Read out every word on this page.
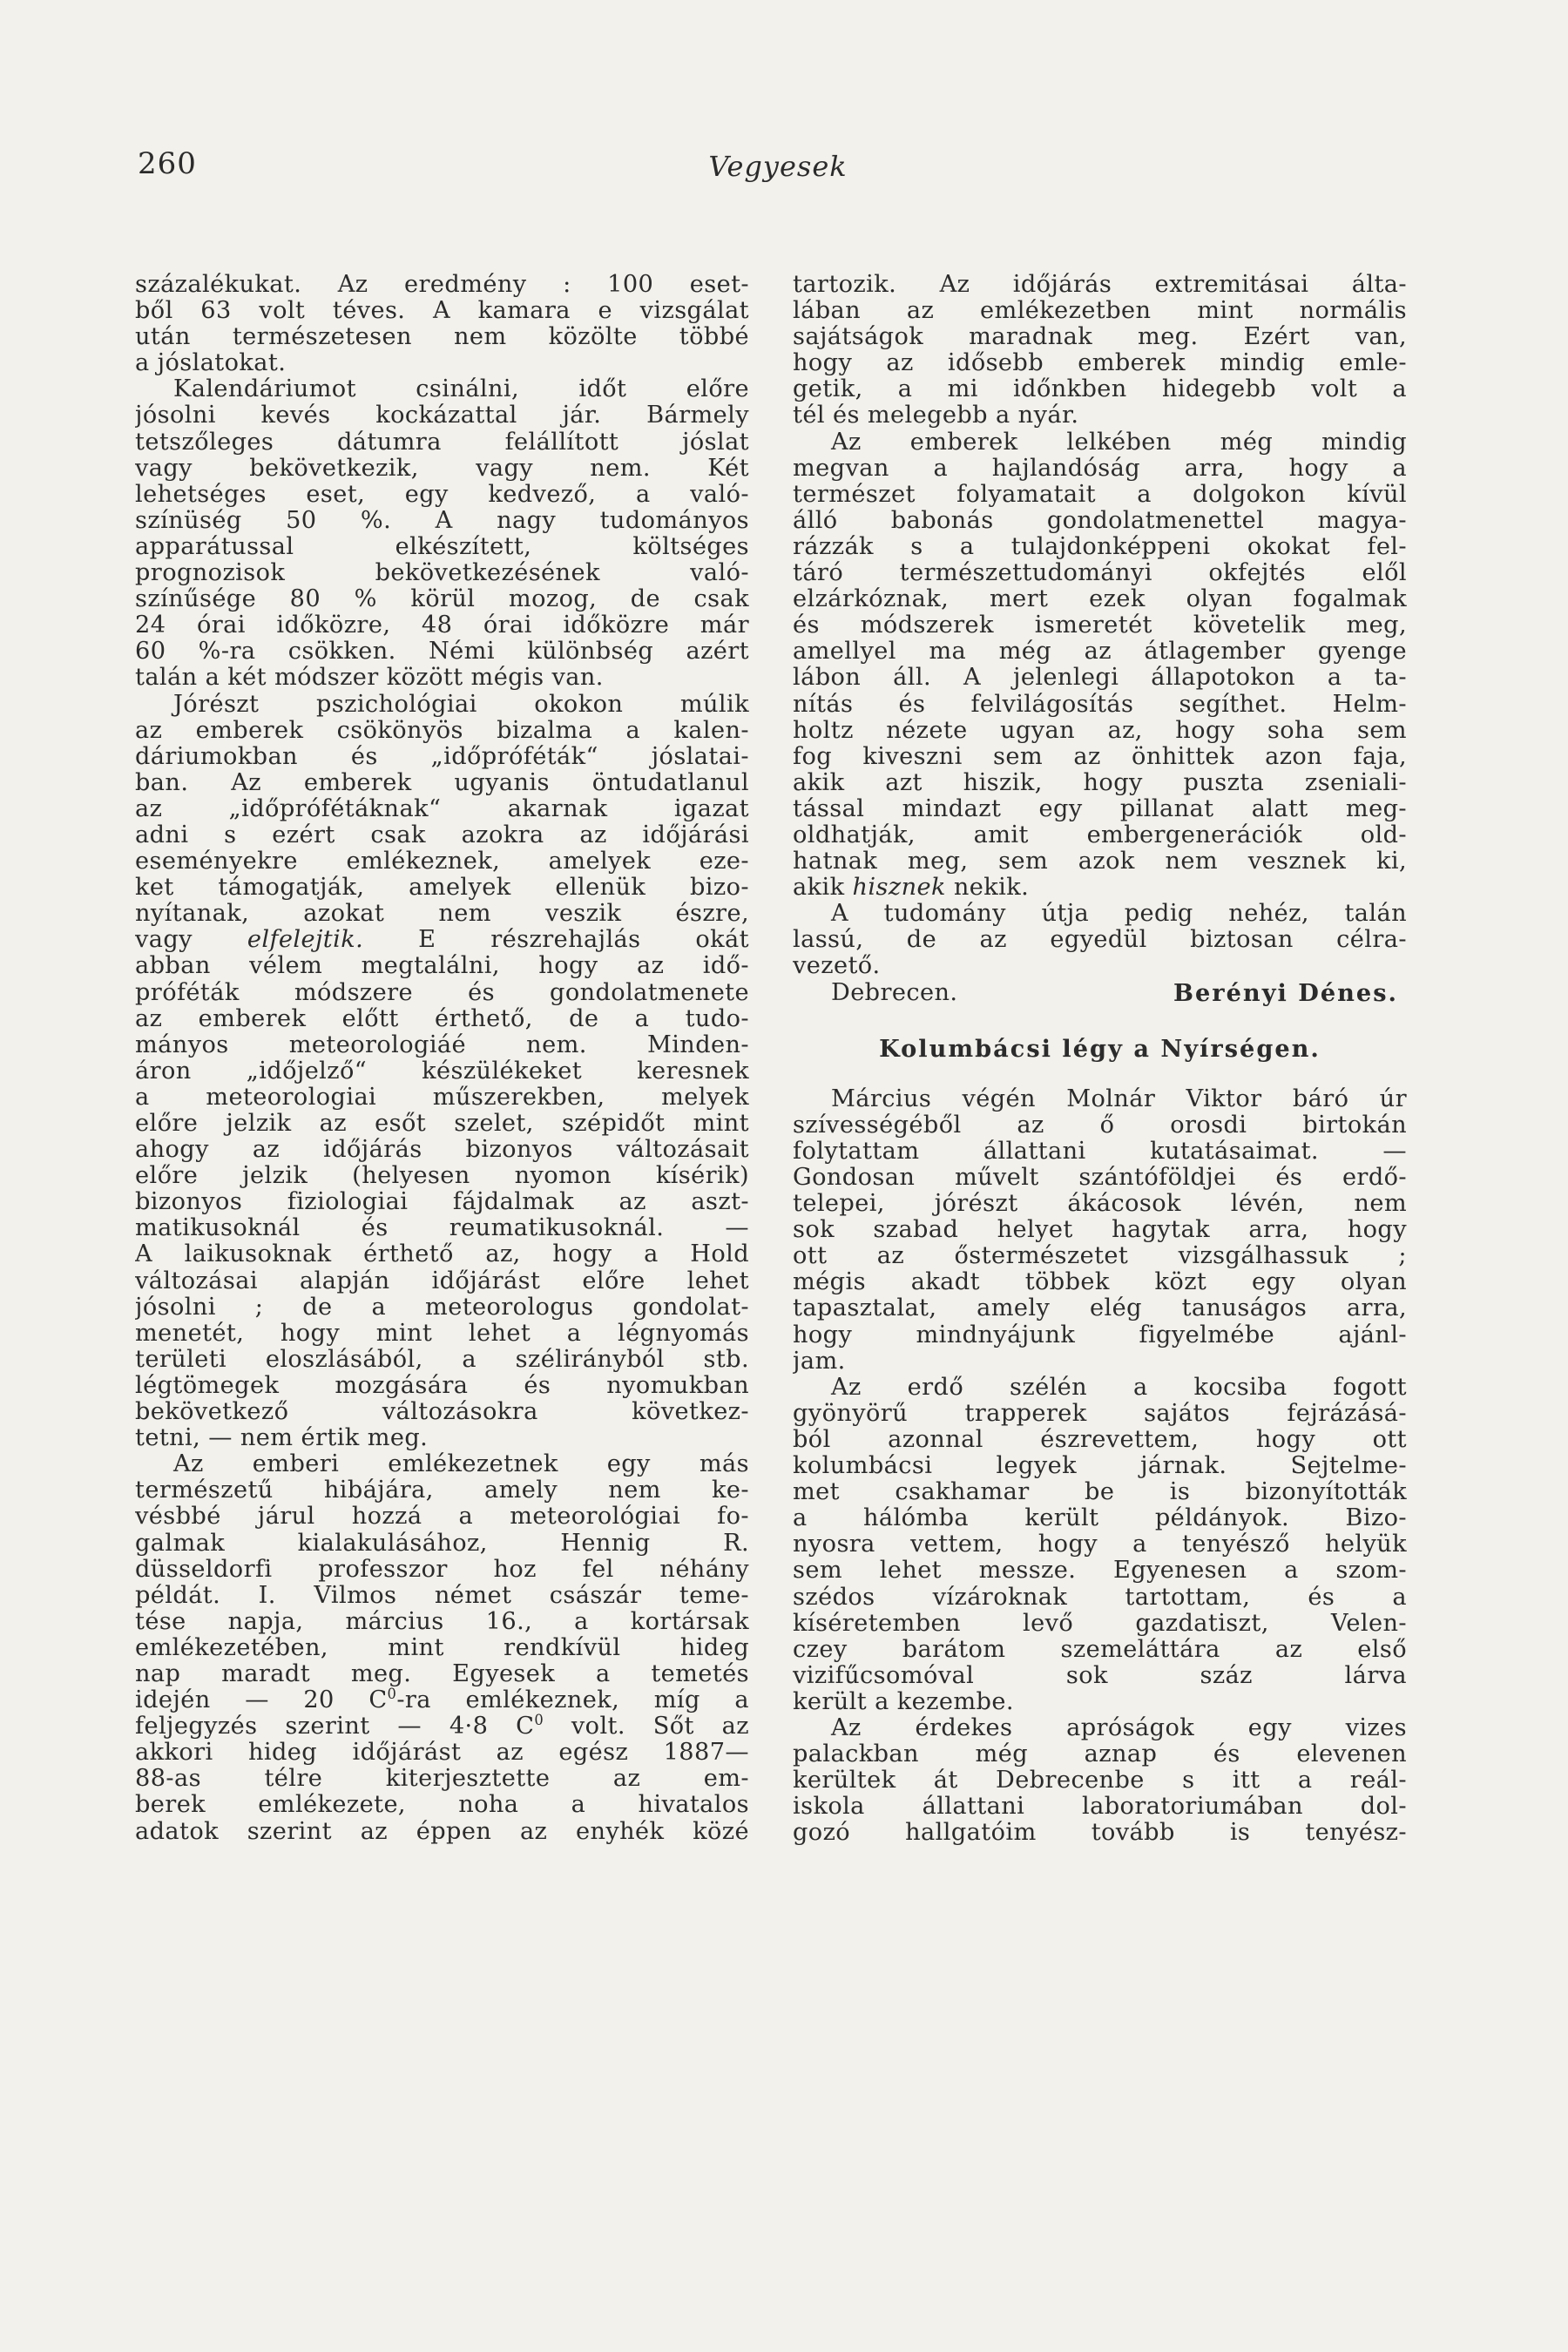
260	Vegyesek
százalékukat. Az eredmény : 100 eset-
ből 63 volt téves. A kamara e vizsgálat
után természetesen nem közölte többé
a jóslatokat.
Kalendáriumot csinálni, időt előre
jósolni kevés kockázattal jár. Bármely
tetszőleges dátumra felállított jóslat
vagy bekövetkezik, vagy nem. Két
lehetséges eset, egy kedvező, a való-
színüség 50 %. A nagy tudományos
apparátussal elkészített, költséges
prognozisok bekövetkezésének való-
színűsége 80 % körül mozog, de csak
24 órai időközre, 48 órai időközre már
60 %-ra csökken. Némi különbség azért
talán a két módszer között mégis van.
Jórészt pszichológiai okokon múlik
az emberek csökönyös bizalma a kalen-
dáriumokban és „időpróféták“ jóslatai-
ban. Az emberek ugyanis öntudatlanul
az „időprófétáknak“ akarnak igazat
adni s ezért csak azokra az időjárási
eseményekre emlékeznek, amelyek eze-
ket támogatják, amelyek ellenük bizo-
nyítanak, azokat nem veszik észre,
vagy elfelejtik. E részrehajlás okát
abban vélem megtalálni, hogy az idő-
próféták módszere és gondolatmenete
az emberek előtt érthető, de a tudo-
mányos meteorologiáé nem. Minden-
áron „időjelző“ készülékeket keresnek
a meteorologiai műszerekben, melyek
előre jelzik az esőt szelet, szépidőt mint
ahogy az időjárás bizonyos változásait
előre jelzik (helyesen nyomon kísérik)
bizonyos fiziologiai fájdalmak az aszt-
matikusoknál és reumatikusoknál. —
A laikusoknak érthető az, hogy a Hold
változásai alapján időjárást előre lehet
jósolni ; de a meteorologus gondolat-
menetét, hogy mint lehet a légnyomás
területi eloszlásából, a szélirányból stb.
légtömegek mozgására és nyomukban
bekövetkező változásokra következ-
tetni, — nem értik meg.
Az emberi emlékezetnek egy más
természetű hibájára, amely nem ke-
vésbbé járul hozzá a meteorológiai fo-
galmak kialakulásához, Hennig R.
düsseldorfi professzor hoz fel néhány
példát. I. Vilmos német császár teme-
tése napja, március 16., a kortársak
emlékezetében, mint rendkívül hideg
nap maradt meg. Egyesek a temetés
idején — 20 $C^0-ra$ emlékeznek, míg a
feljegyzés szerint — 4·8 $C^0$ volt. Sőt az
akkori hideg időjárást az egész 1887—
88-as télre kiterjesztette az em-
berek emlékezete, noha a hivatalos
adatok szerint az éppen az enyhék közé
tartozik. Az időjárás extremitásai álta-
lában az emlékezetben mint normális
sajátságok maradnak meg. Ezért van,
hogy az idősebb emberek mindig emle-
getik, a mi időnkben hidegebb volt a
tél és melegebb a nyár.
Az emberek lelkében még mindig
megvan a hajlandóság arra, hogy a
természet folyamatait a dolgokon kívül
álló babonás gondolatmenettel magya-
rázzák s a tulajdonképpeni okokat fel-
táró természettudományi okfejtés elől
elzárkóznak, mert ezek olyan fogalmak
és módszerek ismeretét követelik meg,
amellyel ma még az átlagember gyenge
lábon áll. A jelenlegi állapotokon a ta-
nítás és felvilágosítás segíthet. Helm-
holtz nézete ugyan az, hogy soha sem
fog kiveszni sem az önhittek azon faja,
akik azt hiszik, hogy puszta zseniali-
tással mindazt egy pillanat alatt meg-
oldhatják, amit embergenerációk old-
hatnak meg, sem azok nem vesznek ki,
akik hisznek nekik.
A tudomány útja pedig nehéz, talán
lassú, de az egyedül biztosan célra-
vezető.
Debrecen.	Berényi Dénes.
Kolumbácsi légy a Nyírségen.
Március végén Molnár Viktor báró úr
szívességéből az ő orosdi birtokán
folytattam állattani kutatásaimat. —
Gondosan művelt szántóföldjei és erdő-
telepei, jórészt ákácosok lévén, nem
sok szabad helyet hagytak arra, hogy
ott az őstermészetet vizsgálhassuk ;
mégis akadt többek közt egy olyan
tapasztalat, amely elég tanuságos arra,
hogy mindnyájunk figyelmébe ajánl-
jam.
Az erdő szélén a kocsiba fogott
gyönyörű trapperek sajátos fejrázásá-
ból azonnal észrevettem, hogy ott
kolumbácsi legyek járnak. Sejtelme-
met csakhamar be is bizonyították
a hálómba került példányok. Bizo-
nyosra vettem, hogy a tenyésző helyük
sem lehet messze. Egyenesen a szom-
szédos vízároknak tartottam, és a
kíséretemben levő gazdatiszt, Velen-
czey barátom szemeláttára az első
vizifűcsomóval sok száz lárva
került a kezembe.
Az érdekes apróságok egy vizes
palackban még aznap és elevenen
kerültek át Debrecenbe s itt a reál-
iskola állattani laboratoriumában dol-
gozó hallgatóim tovább is tenyész-
